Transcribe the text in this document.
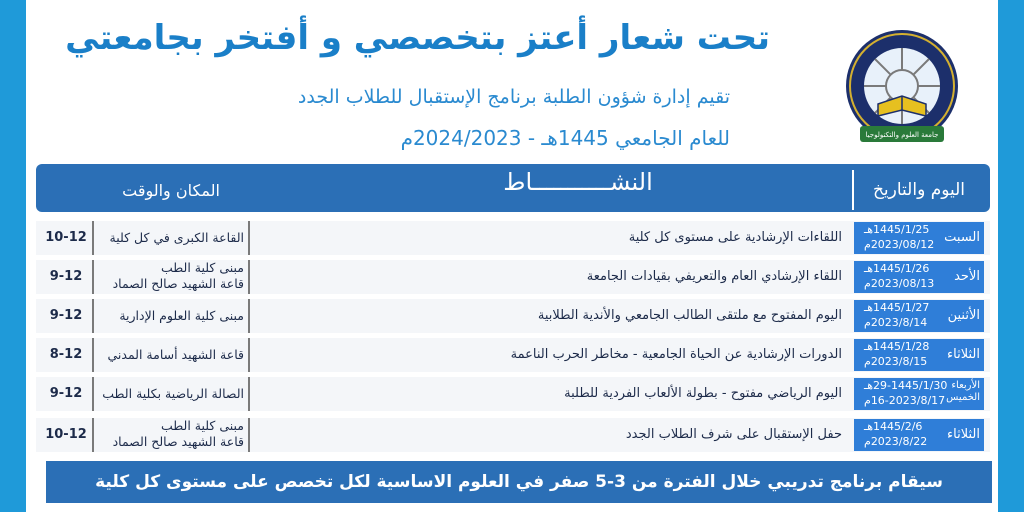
تحت شعار أعتز بتخصصي و أفتخر بجامعتي
تقيم إدارة شؤون الطلبة برنامج الإستقبال للطلاب الجدد
للعام الجامعي 1445هـ - 2024/2023م	جامعة العلوم والتكنولوجيا
اليوم والتاريخ
النشـــــــــــاط
المكان والوقت
السبت
1445/1/25هـ
2023/08/12م
اللقاءات الإرشادية على مستوى كل كلية
القاعة الكبرى في كل كلية
10-12
الأحد
1445/1/26هـ
2023/08/13م
اللقاء الإرشادي العام والتعريفي بقيادات الجامعة
مبنى كلية الطب
قاعة الشهيد صالح الصماد
9-12
الأثنين
1445/1/27هـ
2023/8/14م
اليوم المفتوح مع ملتقى الطالب الجامعي والأندية الطلابية
مبنى كلية العلوم الإدارية
9-12
الثلاثاء
1445/1/28هـ
2023/8/15م
الدورات الإرشادية عن الحياة الجامعية - مخاطر الحرب الناعمة
قاعة الشهيد أسامة المدني
8-12
الأربعاء الخميس
29-1445/1/30هـ
16-2023/8/17م
اليوم الرياضي مفتوح - بطولة الألعاب الفردية للطلبة
الصالة الرياضية بكلية الطب
9-12
الثلاثاء
1445/2/6هـ
2023/8/22م
حفل الإستقبال على شرف الطلاب الجدد
مبنى كلية الطب
قاعة الشهيد صالح الصماد
10-12
سيقام برنامج تدريبي خلال الفترة من 3-5 صفر في العلوم الاساسية لكل تخصص على مستوى كل كلية
